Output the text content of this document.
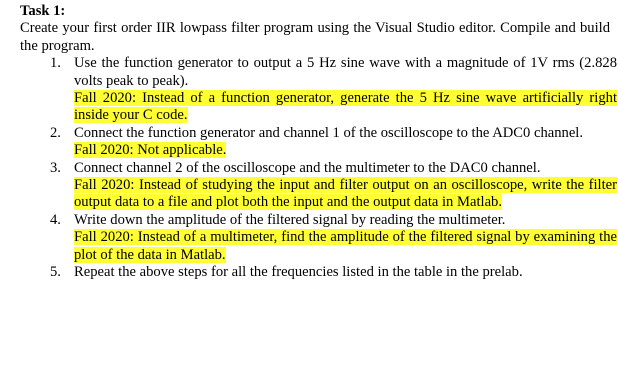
Task 1:

Create your first order IIR lowpass filter program using the Visual Studio editor. Compile and build the program.

1. Use the function generator to output a 5 Hz sine wave with a magnitude of 1V rms (2.828 volts peak to peak).
Fall 2020: Instead of a function generator, generate the 5 Hz sine wave artificially right inside your C code.
2. Connect the function generator and channel 1 of the oscilloscope to the ADC0 channel.
Fall 2020: Not applicable.
3. Connect channel 2 of the oscilloscope and the multimeter to the DAC0 channel.
Fall 2020: Instead of studying the input and filter output on an oscilloscope, write the filter output data to a file and plot both the input and the output data in Matlab.
4. Write down the amplitude of the filtered signal by reading the multimeter.
Fall 2020: Instead of a multimeter, find the amplitude of the filtered signal by examining the plot of the data in Matlab.
5. Repeat the above steps for all the frequencies listed in the table in the prelab.
